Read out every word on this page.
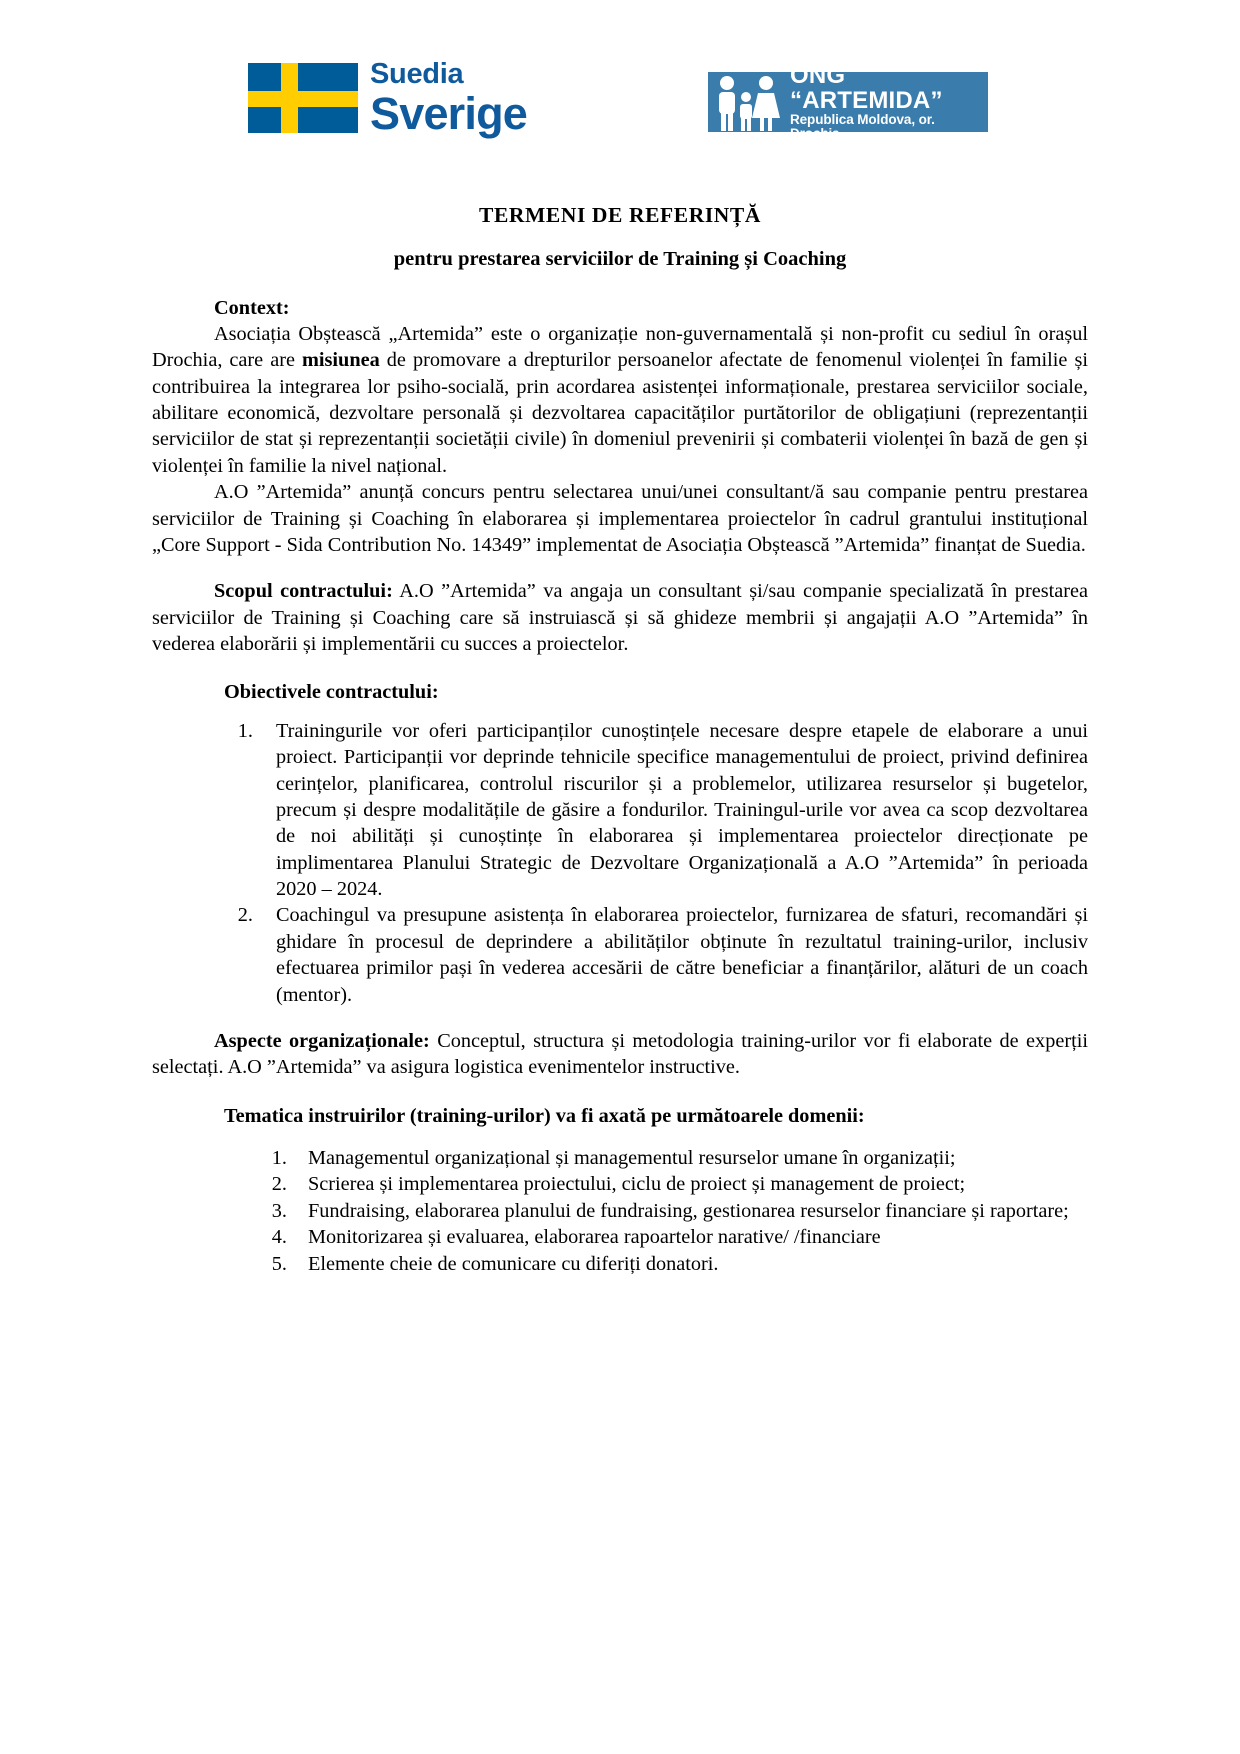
Suedia
Sverige
ONG “ARTEMIDA”
Republica Moldova, or. Drochia
TERMENI DE REFERINȚĂ
pentru prestarea serviciilor de Training și Coaching
Context:

Asociația Obștească „Artemida” este o organizație non-guvernamentală și non-profit cu sediul în orașul Drochia, care are misiunea de promovare a drepturilor persoanelor afectate de fenomenul violenței în familie și contribuirea la integrarea lor psiho-socială, prin acordarea asistenței informaționale, prestarea serviciilor sociale, abilitare economică, dezvoltare personală și dezvoltarea capacităților purtătorilor de obligațiuni (reprezentanții serviciilor de stat și reprezentanții societății civile) în domeniul prevenirii și combaterii violenței în bază de gen și violenței în familie la nivel național.

A.O ”Artemida” anunță concurs pentru selectarea unui/unei consultant/ă sau companie pentru prestarea serviciilor de Training și Coaching în elaborarea și implementarea proiectelor în cadrul grantului instituțional „Core Support - Sida Contribution No. 14349” implementat de Asociația Obștească ”Artemida” finanțat de Suedia.

Scopul contractului: A.O ”Artemida” va angaja un consultant și/sau companie specializată în prestarea serviciilor de Training și Coaching care să instruiască și să ghideze membrii și angajații A.O ”Artemida” în vederea elaborării și implementării cu succes a proiectelor.

Obiectivele contractului:
1. Trainingurile vor oferi participanților cunoștințele necesare despre etapele de elaborare a unui proiect. Participanții vor deprinde tehnicile specifice managementului de proiect, privind definirea cerințelor, planificarea, controlul riscurilor și a problemelor, utilizarea resurselor și bugetelor, precum și despre modalitățile de găsire a fondurilor. Trainingul-urile vor avea ca scop dezvoltarea de noi abilități și cunoștințe în elaborarea și implementarea proiectelor direcționate pe implimentarea Planului Strategic de Dezvoltare Organizațională a A.O ”Artemida” în perioada 2020 – 2024.
2. Coachingul va presupune asistența în elaborarea proiectelor, furnizarea de sfaturi, recomandări și ghidare în procesul de deprindere a abilităților obținute în rezultatul training-urilor, inclusiv efectuarea primilor pași în vederea accesării de către beneficiar a finanțărilor, alături de un coach (mentor).

Aspecte organizaționale: Conceptul, structura și metodologia training-urilor vor fi elaborate de experții selectați. A.O ”Artemida” va asigura logistica evenimentelor instructive.

Tematica instruirilor (training-urilor) va fi axată pe următoarele domenii:
1. Managementul organizațional și managementul resurselor umane în organizații;
2. Scrierea și implementarea proiectului, ciclu de proiect și management de proiect;
3. Fundraising, elaborarea planului de fundraising, gestionarea resurselor financiare și raportare;
4. Monitorizarea și evaluarea, elaborarea rapoartelor narative/ /financiare
5. Elemente cheie de comunicare cu diferiți donatori.
